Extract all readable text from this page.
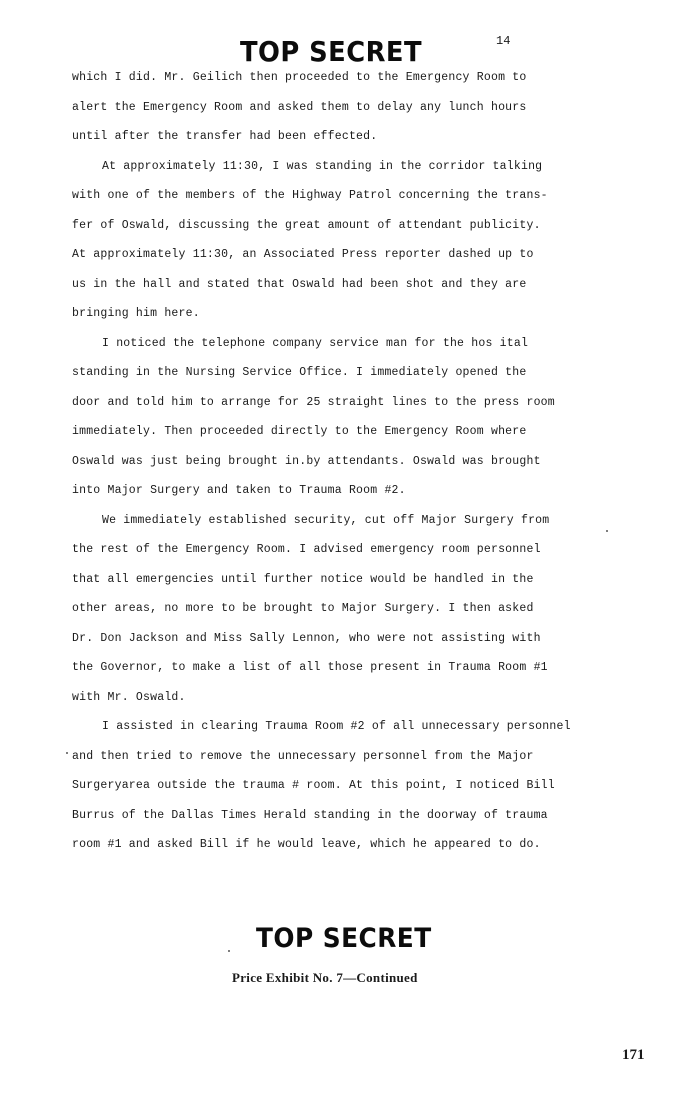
14
TOP SECRET
which I did. Mr. Geilich then proceeded to the Emergency Room to
alert the Emergency Room and asked them to delay any lunch hours
until after the transfer had been effected.
At approximately 11:30, I was standing in the corridor talking
with one of the members of the Highway Patrol concerning the trans-
fer of Oswald, discussing the great amount of attendant publicity.
At approximately 11:30, an Associated Press reporter dashed up to
us in the hall and stated that Oswald had been shot and they are
bringing him here.
I noticed the telephone company service man for the hos ital
standing in the Nursing Service Office. I immediately opened the
door and told him to arrange for 25 straight lines to the press room
immediately. Then proceeded directly to the Emergency Room where
Oswald was just being brought in.by attendants. Oswald was brought
into Major Surgery and taken to Trauma Room #2.
We immediately established security, cut off Major Surgery from
the rest of the Emergency Room. I advised emergency room personnel
that all emergencies until further notice would be handled in the
other areas, no more to be brought to Major Surgery. I then asked
Dr. Don Jackson and Miss Sally Lennon, who were not assisting with
the Governor, to make a list of all those present in Trauma Room #1
with Mr. Oswald.
I assisted in clearing Trauma Room #2 of all unnecessary personnel
and then tried to remove the unnecessary personnel from the Major
Surgeryarea outside the trauma # room. At this point, I noticed Bill
Burrus of the Dallas Times Herald standing in the doorway of trauma
room #1 and asked Bill if he would leave, which he appeared to do.
TOP SECRET
Price Exhibit No. 7—Continued
171
